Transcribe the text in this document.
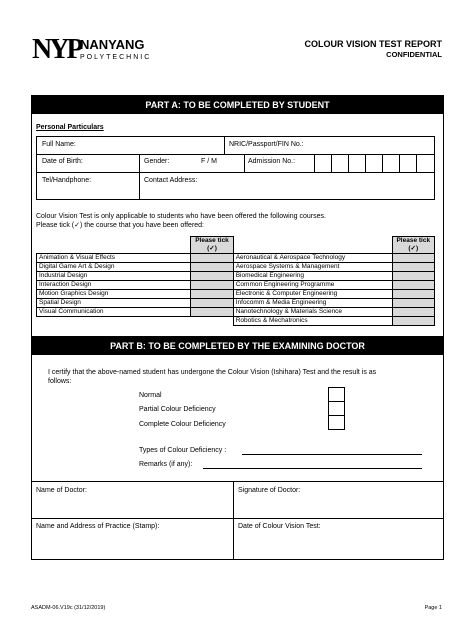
NYP NANYANG
POLYTECHNIC
COLOUR VISION TEST REPORT
CONFIDENTIAL
PART A: TO BE COMPLETED BY STUDENT
Personal Particulars
Full Name:	NRIC/Passport/FIN No.:
Date of Birth:	Gender:	F / M	Admission No.:
Tel/Handphone:	Contact Address:
Colour Vision Test is only applicable to students who have been offered the following courses.
Please tick (✓) the course that you have been offered:
	Please tick
(✓)		Please tick
(✓)
Animation & Visual Effects		Aeronautical & Aerospace Technology	
Digital Game Art & Design		Aerospace Systems & Management	
Industrial Design		Biomedical Engineering	
Interaction Design		Common Engineering Programme	
Motion Graphics Design		Electronic & Computer Engineering	
Spatial Design		Infocomm & Media Engineering	
Visual Communication		Nanotechnology & Materials Science	
		Robotics & Mechatronics	
PART B: TO BE COMPLETED BY THE EXAMINING DOCTOR
I certify that the above-named student has undergone the Colour Vision (Ishihara) Test and the result is as
follows:
Normal
Partial Colour Deficiency
Complete Colour Deficiency
Types of Colour Deficiency :
Remarks (if any):
Name of Doctor:	Signature of Doctor:
Name and Address of Practice (Stamp):	Date of Colour Vision Test:
ASADM-06.V19c (31/12/2019)	Page 1
